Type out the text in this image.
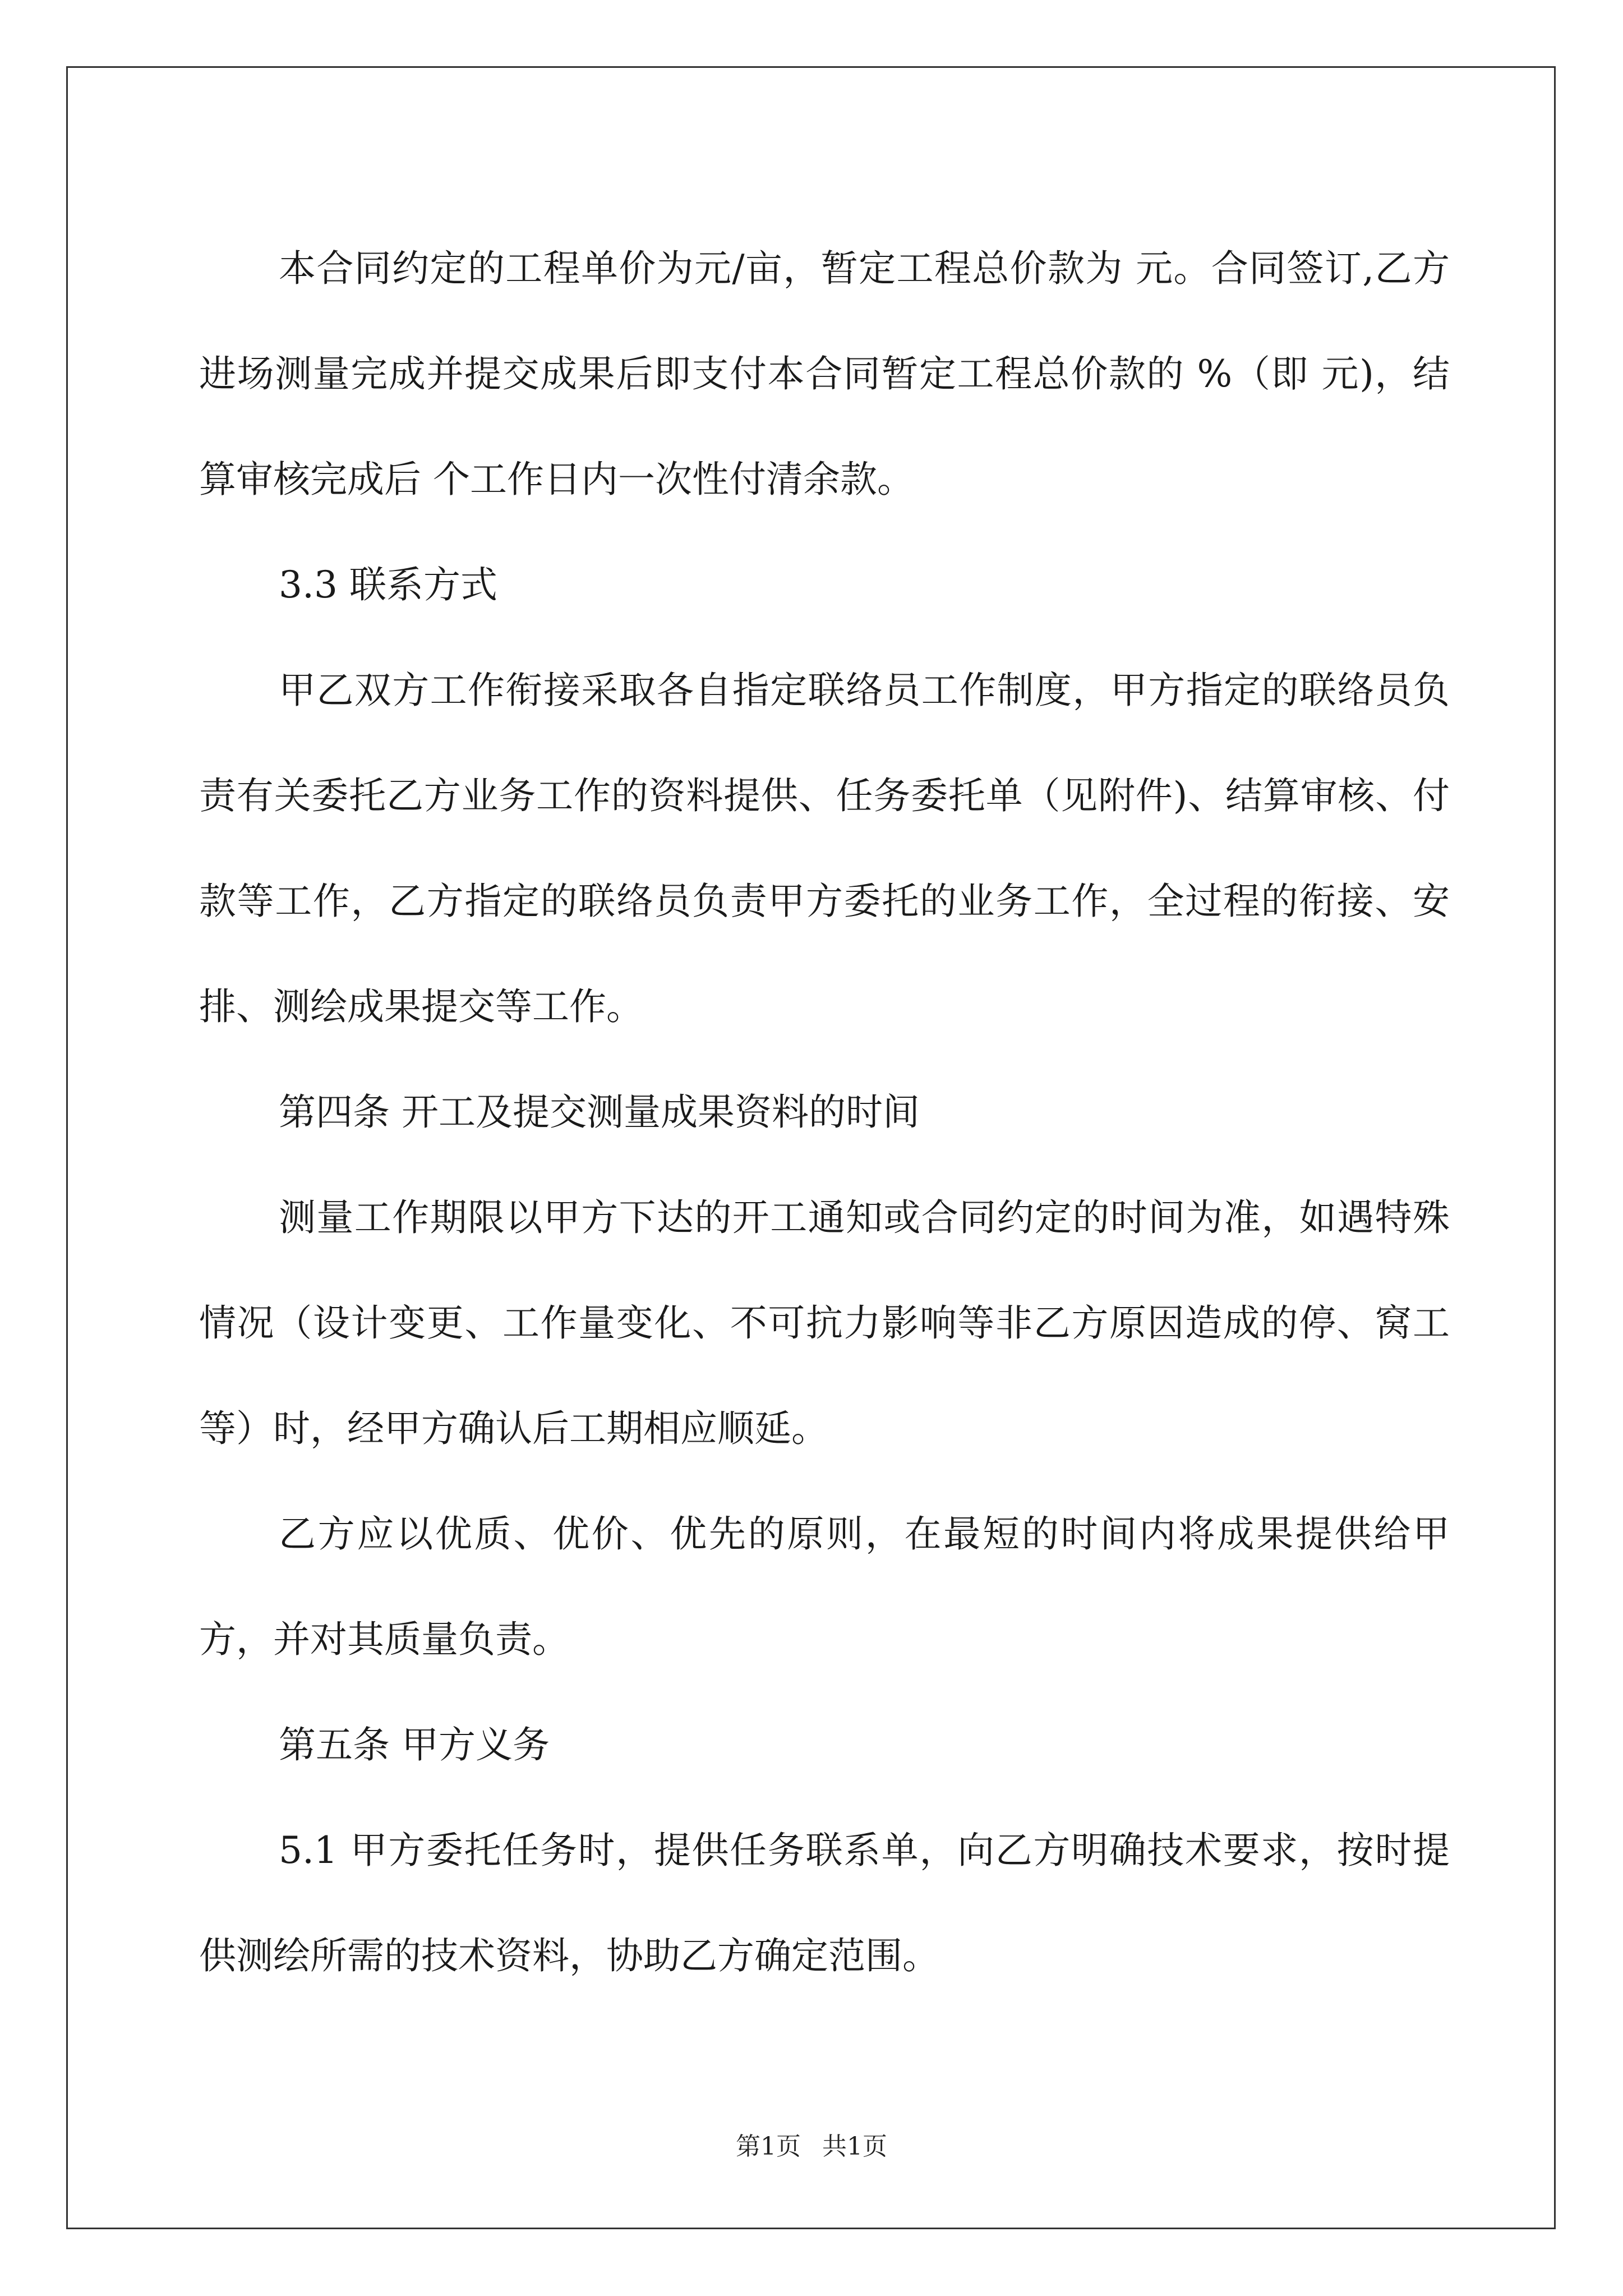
本合同约定的工程单价为元/亩，暂定工程总价款为 元。合同签订,乙方进场测量完成并提交成果后即支付本合同暂定工程总价款的 %（即 元)，结算审核完成后 个工作日内一次性付清余款。

3.3 联系方式

甲乙双方工作衔接采取各自指定联络员工作制度，甲方指定的联络员负责有关委托乙方业务工作的资料提供、任务委托单（见附件)、结算审核、付款等工作，乙方指定的联络员负责甲方委托的业务工作，全过程的衔接、安排、测绘成果提交等工作。

第四条 开工及提交测量成果资料的时间

测量工作期限以甲方下达的开工通知或合同约定的时间为准，如遇特殊情况（设计变更、工作量变化、不可抗力影响等非乙方原因造成的停、窝工等）时，经甲方确认后工期相应顺延。

乙方应以优质、优价、优先的原则，在最短的时间内将成果提供给甲方，并对其质量负责。

第五条 甲方义务

5.1 甲方委托任务时，提供任务联系单，向乙方明确技术要求，按时提供测绘所需的技术资料，协助乙方确定范围。

第1页 共1页
